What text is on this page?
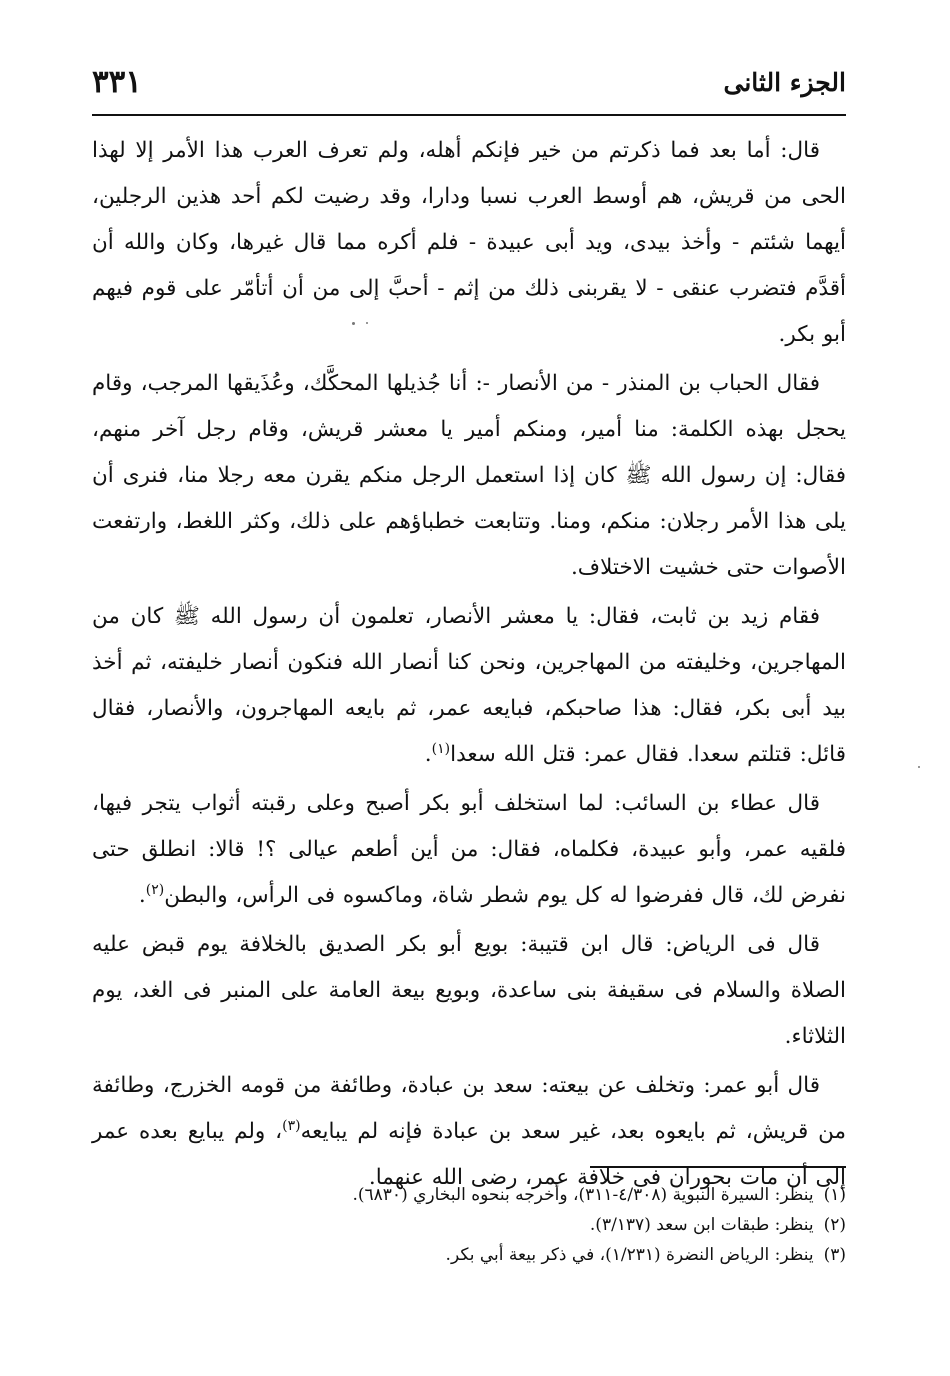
٣٣١	الجزء الثانى

قال: أما بعد فما ذكرتم من خير فإنكم أهله، ولم تعرف العرب هذا الأمر إلا لهذا الحى من قريش، هم أوسط العرب نسبا ودارا، وقد رضيت لكم أحد هذين الرجلين، أيهما شئتم - وأخذ بيدى، ويد أبى عبيدة - فلم أكره مما قال غيرها، وكان والله أن أقدَّم فتضرب عنقى - لا يقربنى ذلك من إثم - أحبَّ إلى من أن أتأمّر على قوم فيهم أبو بكر.

فقال الحباب بن المنذر - من الأنصار -: أنا جُذيلها المحكَّك، وعُذَيقها المرجب، وقام يحجل بهذه الكلمة: منا أمير، ومنكم أمير يا معشر قريش، وقام رجل آخر منهم، فقال: إن رسول الله ﷺ كان إذا استعمل الرجل منكم يقرن معه رجلا منا، فنرى أن يلى هذا الأمر رجلان: منكم، ومنا. وتتابعت خطباؤهم على ذلك، وكثر اللغط، وارتفعت الأصوات حتى خشيت الاختلاف.

فقام زيد بن ثابت، فقال: يا معشر الأنصار، تعلمون أن رسول الله ﷺ كان من المهاجرين، وخليفته من المهاجرين، ونحن كنا أنصار الله فنكون أنصار خليفته، ثم أخذ بيد أبى بكر، فقال: هذا صاحبكم، فبايعه عمر، ثم بايعه المهاجرون، والأنصار، فقال قائل: قتلتم سعدا. فقال عمر: قتل الله سعدا$^{(١)}$.

قال عطاء بن السائب: لما استخلف أبو بكر أصبح وعلى رقبته أثواب يتجر فيها، فلقيه عمر، وأبو عبيدة، فكلماه، فقال: من أين أطعم عيالى ؟! قالا: انطلق حتى نفرض لك، قال ففرضوا له كل يوم شطر شاة، وماكسوه فى الرأس، والبطن$^{(٢)}$.

قال فى الرياض: قال ابن قتيبة: بويع أبو بكر الصديق بالخلافة يوم قبض عليه الصلاة والسلام فى سقيفة بنى ساعدة، وبويع بيعة العامة على المنبر فى الغد، يوم الثلاثاء.

قال أبو عمر: وتخلف عن بيعته: سعد بن عبادة، وطائفة من قومه الخزرج، وطائفة من قريش، ثم بايعوه بعد، غير سعد بن عبادة فإنه لم يبايعه$^{(٣)}$، ولم يبايع بعده عمر إلى أن مات بحوران فى خلافة عمر، رضى الله عنهما.

(١)ينظر: السيرة النبوية (٤/٣٠٨-٣١١)، وأخرجه بنحوه البخاري (٦٨٣٠).

(٢)ينظر: طبقات ابن سعد (٣/١٣٧).

(٣)ينظر: الرياض النضرة (١/٢٣١)، في ذكر بيعة أبي بكر.
